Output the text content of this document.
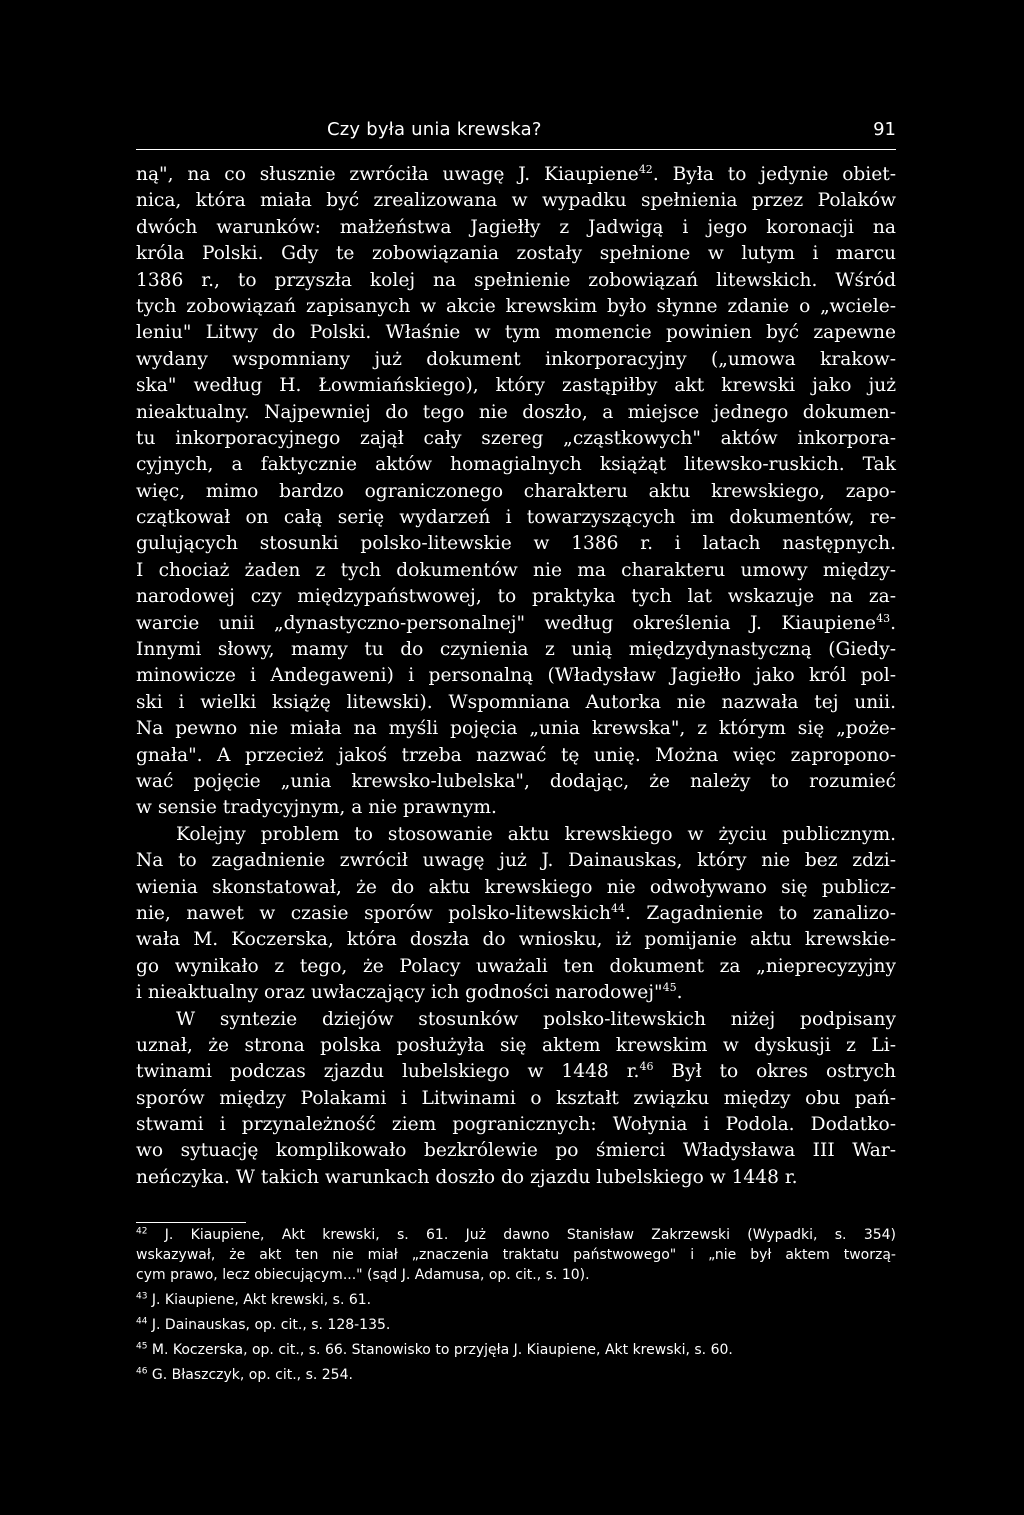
Czy była unia krewska?	91
ną", na co słusznie zwróciła uwagę J. Kiaupiene$^{42}$. Była to jedynie obiet-
nica, która miała być zrealizowana w wypadku spełnienia przez Polaków
dwóch warunków: małżeństwa Jagiełły z Jadwigą i jego koronacji na
króla Polski. Gdy te zobowiązania zostały spełnione w lutym i marcu
1386 r., to przyszła kolej na spełnienie zobowiązań litewskich. Wśród
tych zobowiązań zapisanych w akcie krewskim było słynne zdanie o „wciele-
leniu" Litwy do Polski. Właśnie w tym momencie powinien być zapewne
wydany wspomniany już dokument inkorporacyjny („umowa krakow-
ska" według H. Łowmiańskiego), który zastąpiłby akt krewski jako już
nieaktualny. Najpewniej do tego nie doszło, a miejsce jednego dokumen-
tu inkorporacyjnego zajął cały szereg „cząstkowych" aktów inkorpora-
cyjnych, a faktycznie aktów homagialnych książąt litewsko-ruskich. Tak
więc, mimo bardzo ograniczonego charakteru aktu krewskiego, zapo-
czątkował on całą serię wydarzeń i towarzyszących im dokumentów, re-
gulujących stosunki polsko-litewskie w 1386 r. i latach następnych.
I chociaż żaden z tych dokumentów nie ma charakteru umowy między-
narodowej czy międzypaństwowej, to praktyka tych lat wskazuje na za-
warcie unii „dynastyczno-personalnej" według określenia J. Kiaupiene$^{43}$.
Innymi słowy, mamy tu do czynienia z unią międzydynastyczną (Giedy-
minowicze i Andegaweni) i personalną (Władysław Jagiełło jako król pol-
ski i wielki książę litewski). Wspomniana Autorka nie nazwała tej unii.
Na pewno nie miała na myśli pojęcia „unia krewska", z którym się „poże-
gnała". A przecież jakoś trzeba nazwać tę unię. Można więc zapropono-
wać pojęcie „unia krewsko-lubelska", dodając, że należy to rozumieć
w sensie tradycyjnym, a nie prawnym.
Kolejny problem to stosowanie aktu krewskiego w życiu publicznym.
Na to zagadnienie zwrócił uwagę już J. Dainauskas, który nie bez zdzi-
wienia skonstatował, że do aktu krewskiego nie odwoływano się publicz-
nie, nawet w czasie sporów polsko-litewskich$^{44}$. Zagadnienie to zanalizo-
wała M. Koczerska, która doszła do wniosku, iż pomijanie aktu krewskie-
go wynikało z tego, że Polacy uważali ten dokument za „nieprecyzyjny
i nieaktualny oraz uwłaczający ich godności narodowej"$^{45}$.
W syntezie dziejów stosunków polsko-litewskich niżej podpisany
uznał, że strona polska posłużyła się aktem krewskim w dyskusji z Li-
twinami podczas zjazdu lubelskiego w 1448 r.$^{46}$ Był to okres ostrych
sporów między Polakami i Litwinami o kształt związku między obu pań-
stwami i przynależność ziem pogranicznych: Wołynia i Podola. Dodatko-
wo sytuację komplikowało bezkrólewie po śmierci Władysława III War-
neńczyka. W takich warunkach doszło do zjazdu lubelskiego w 1448 r.
$^{42}$ J. Kiaupiene, Akt krewski, s. 61. Już dawno Stanisław Zakrzewski (Wypadki, s. 354)
wskazywał, że akt ten nie miał „znaczenia traktatu państwowego" i „nie był aktem tworzą-
cym prawo, lecz obiecującym..." (sąd J. Adamusa, op. cit., s. 10).
$^{43}$ J. Kiaupiene, Akt krewski, s. 61.
$^{44}$ J. Dainauskas, op. cit., s. 128-135.
$^{45}$ M. Koczerska, op. cit., s. 66. Stanowisko to przyjęła J. Kiaupiene, Akt krewski, s. 60.
$^{46}$ G. Błaszczyk, op. cit., s. 254.
